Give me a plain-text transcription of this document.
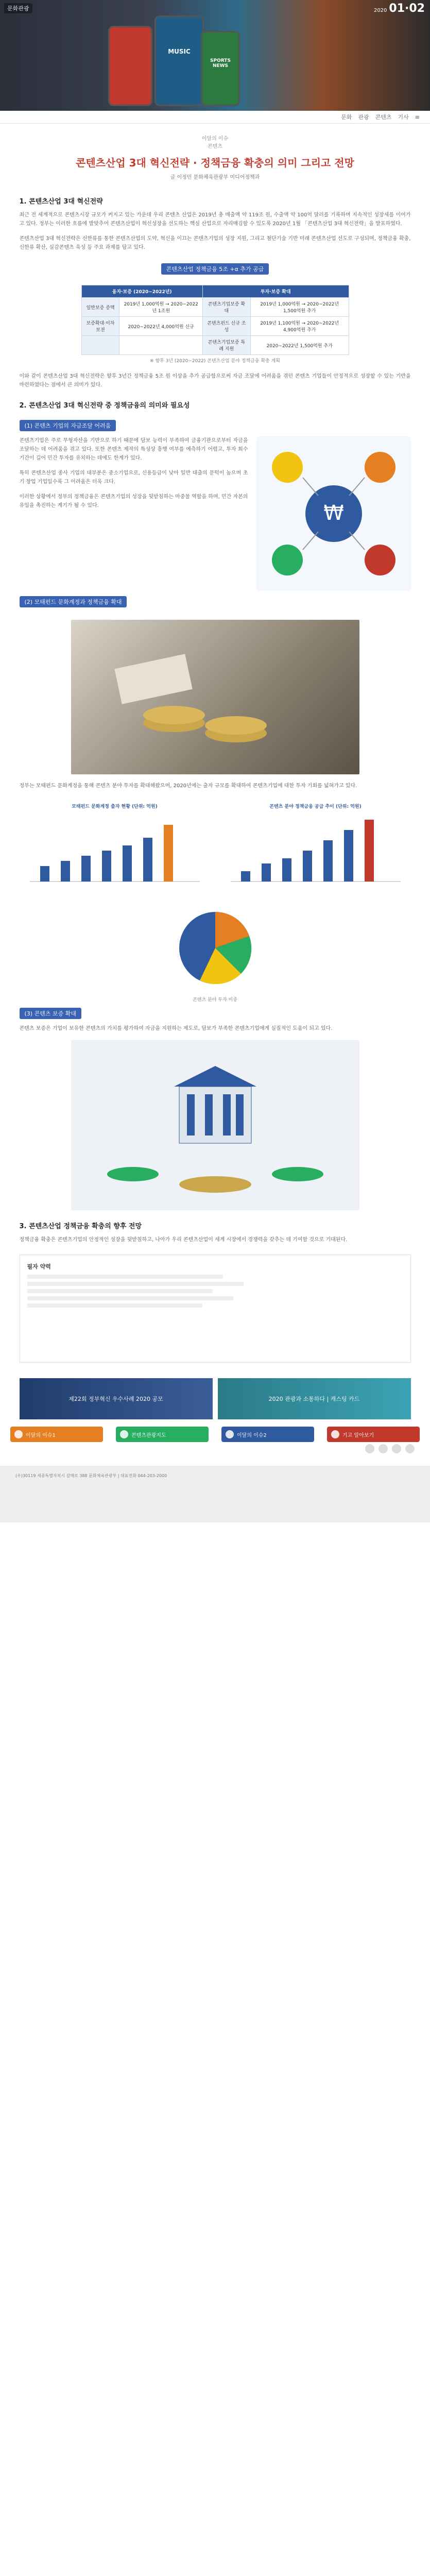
문화관광	2020 01·02
MUSIC
SPORTS NEWS
문화 관광 콘텐츠 기사 ≡
이달의 이슈
콘텐츠
콘텐츠산업 3대 혁신전략 · 정책금융 확충의 의미 그리고 전망
글 이정민 문화체육관광부 미디어정책과
1. 콘텐츠산업 3대 혁신전략

최근 전 세계적으로 콘텐츠시장 규모가 커지고 있는 가운데 우리 콘텐츠 산업은 2019년 총 매출액 약 119조 원, 수출액 약 100억 달러를 기록하며 지속적인 성장세를 이어가고 있다. 정부는 이러한 흐름에 발맞추어 콘텐츠산업이 혁신성장을 선도하는 핵심 산업으로 자리매김할 수 있도록 2020년 1월 「콘텐츠산업 3대 혁신전략」을 발표하였다.

콘텐츠산업 3대 혁신전략은 신한류를 통한 콘텐츠산업의 도약, 혁신을 이끄는 콘텐츠기업의 성장 지원, 그리고 첨단기술 기반 미래 콘텐츠산업 선도로 구성되며, 정책금융 확충, 신한류 확산, 실감콘텐츠 육성 등 주요 과제를 담고 있다.

콘텐츠산업 정책금융 5조 +α 추가 공급
융자·보증 (2020~2022년)		투자·보증 확대	
일반보증 증액	2019년 1,000억원 → 2020~2022년 1조원	콘텐츠기업보증 확대	2019년 1,000억원 → 2020~2022년 1,500억원 추가
보증확대·이차 보전	2020~2022년 4,000억원 신규	콘텐츠펀드 신규 조성	2019년 1,100억원 → 2020~2022년 4,900억원 추가
		콘텐츠기업보증 특례 지원	2020~2022년 1,500억원 추가
※ 향후 3년 (2020~2022) 콘텐츠산업 분야 정책금융 확충 계획

이와 같이 콘텐츠산업 3대 혁신전략은 향후 3년간 정책금융 5조 원 이상을 추가 공급함으로써 자금 조달에 어려움을 겪던 콘텐츠 기업들이 안정적으로 성장할 수 있는 기반을 마련하였다는 점에서 큰 의미가 있다.

2. 콘텐츠산업 3대 혁신전략 중 정책금융의 의미와 필요성
(1) 콘텐츠 기업의 자금조달 어려움

콘텐츠기업은 주로 무형자산을 기반으로 하기 때문에 담보 능력이 부족하여 금융기관으로부터 자금을 조달하는 데 어려움을 겪고 있다. 또한 콘텐츠 제작의 특성상 흥행 여부를 예측하기 어렵고, 투자 회수 기간이 길어 민간 투자를 유치하는 데에도 한계가 있다.

특히 콘텐츠산업 종사 기업의 대부분은 중소기업으로, 신용등급이 낮아 일반 대출의 문턱이 높으며 초기 창업 기업일수록 그 어려움은 더욱 크다.

이러한 상황에서 정부의 정책금융은 콘텐츠기업의 성장을 뒷받침하는 마중물 역할을 하며, 민간 자본의 유입을 촉진하는 계기가 될 수 있다.	₩
(2) 모태펀드 문화계정과 정책금융 확대

정부는 모태펀드 문화계정을 통해 콘텐츠 분야 투자를 확대해왔으며, 2020년에는 출자 규모를 확대하여 콘텐츠기업에 대한 투자 기회를 넓혀가고 있다.

모태펀드 문화계정 출자 현황 (단위: 억원)	콘텐츠 분야 정책금융 공급 추이 (단위: 억원)
콘텐츠 분야 투자 비중
(3) 콘텐츠 보증 확대

콘텐츠 보증은 기업이 보유한 콘텐츠의 가치를 평가하여 자금을 지원하는 제도로, 담보가 부족한 콘텐츠기업에게 실질적인 도움이 되고 있다.

3. 콘텐츠산업 정책금융 확충의 향후 전망

정책금융 확충은 콘텐츠기업의 안정적인 성장을 뒷받침하고, 나아가 우리 콘텐츠산업이 세계 시장에서 경쟁력을 갖추는 데 기여할 것으로 기대된다.

필자 약력
제22회 정부혁신 우수사례 2020 공모	2020 관광과 소통하다 | 캐스팅 카드
이달의 이슈1	콘텐츠관광지도	이달의 이슈2	기고 알아보기
(우)30119 세종특별자치시 갈매로 388 문화체육관광부 | 대표전화 044-203-2000
